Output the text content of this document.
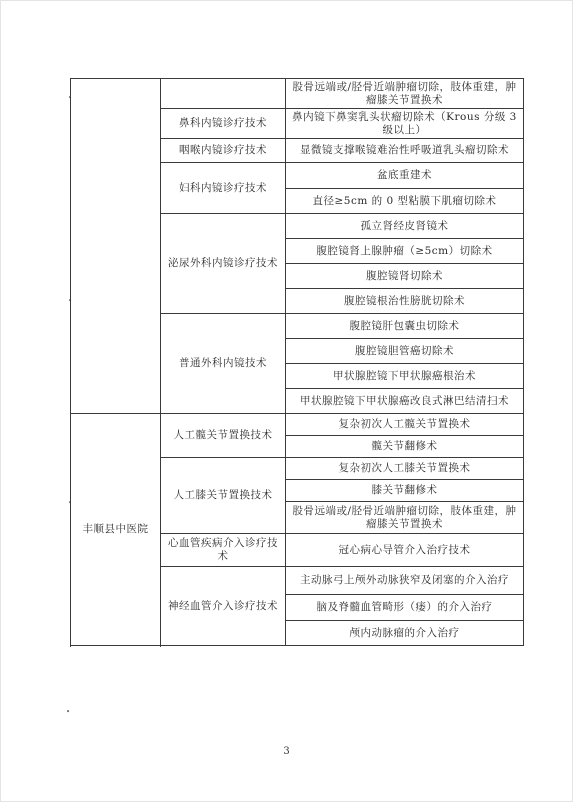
•
•
•
•
		股骨远端或/胫骨近端肿瘤切除，肢体重建，肿瘤膝关节置换术
	鼻科内镜诊疗技术	鼻内镜下鼻窦乳头状瘤切除术（Krous 分级 3 级以上）
	咽喉内镜诊疗技术	显微镜支撑喉镜难治性呼吸道乳头瘤切除术
	妇科内镜诊疗技术	盆底重建术
		直径≥5cm 的 0 型粘膜下肌瘤切除术
	泌尿外科内镜诊疗技术	孤立肾经皮肾镜术
		腹腔镜肾上腺肿瘤（≥5cm）切除术
		腹腔镜肾切除术
		腹腔镜根治性膀胱切除术
	普通外科内镜技术	腹腔镜肝包囊虫切除术
		腹腔镜胆管癌切除术
		甲状腺腔镜下甲状腺癌根治术
		甲状腺腔镜下甲状腺癌改良式淋巴结清扫术

丰顺县中医院	人工髋关节置换技术	复杂初次人工髋关节置换术
		髋关节翻修术
	人工膝关节置换技术	复杂初次人工膝关节置换术
		膝关节翻修术
		股骨远端或/胫骨近端肿瘤切除，肢体重建，肿瘤膝关节置换术
	心血管疾病介入诊疗技术	冠心病心导管介入治疗技术
	神经血管介入诊疗技术	主动脉弓上颅外动脉狭窄及闭塞的介入治疗
		脑及脊髓血管畸形（瘘）的介入治疗
		颅内动脉瘤的介入治疗

3
